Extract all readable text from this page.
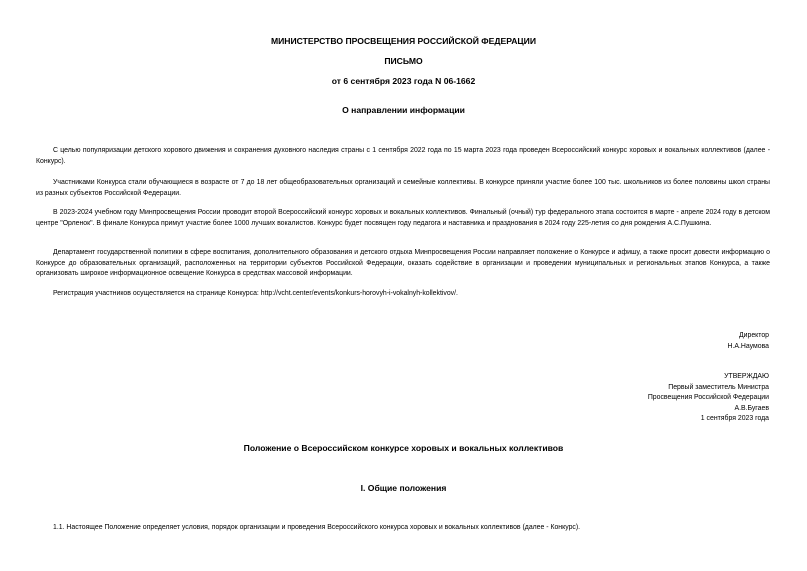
МИНИСТЕРСТВО ПРОСВЕЩЕНИЯ РОССИЙСКОЙ ФЕДЕРАЦИИ
ПИСЬМО
от 6 сентября 2023 года N 06-1662
О направлении информации
С целью популяризации детского хорового движения и сохранения духовного наследия страны с 1 сентября 2022 года по 15 марта 2023 года проведен Всероссийский конкурс хоровых и вокальных коллективов (далее - Конкурс).
Участниками Конкурса стали обучающиеся в возрасте от 7 до 18 лет общеобразовательных организаций и семейные коллективы. В конкурсе приняли участие более 100 тыс. школьников из более половины школ страны из разных субъектов Российской Федерации.
В 2023-2024 учебном году Минпросвещения России проводит второй Всероссийский конкурс хоровых и вокальных коллективов. Финальный (очный) тур федерального этапа состоится в марте - апреле 2024 году в детском центре "Орленок". В финале Конкурса примут участие более 1000 лучших вокалистов. Конкурс будет посвящен году педагога и наставника и празднования в 2024 году 225-летия со дня рождения А.С.Пушкина.
Департамент государственной политики в сфере воспитания, дополнительного образования и детского отдыха Минпросвещения России направляет положение о Конкурсе и афишу, а также просит довести информацию о Конкурсе до образовательных организаций, расположенных на территории субъектов Российской Федерации, оказать содействие в организации и проведении муниципальных и региональных этапов Конкурса, а также организовать широкое информационное освещение Конкурса в средствах массовой информации.
Регистрация участников осуществляется на странице Конкурса: http://vcht.center/events/konkurs-horovyh-i-vokalnyh-kollektivov/.
Директор
Н.А.Наумова
УТВЕРЖДАЮ
Первый заместитель Министра
Просвещения Российской Федерации
А.В.Бугаев
1 сентября 2023 года
Положение о Всероссийском конкурсе хоровых и вокальных коллективов
I. Общие положения
1.1. Настоящее Положение определяет условия, порядок организации и проведения Всероссийского конкурса хоровых и вокальных коллективов (далее - Конкурс).
